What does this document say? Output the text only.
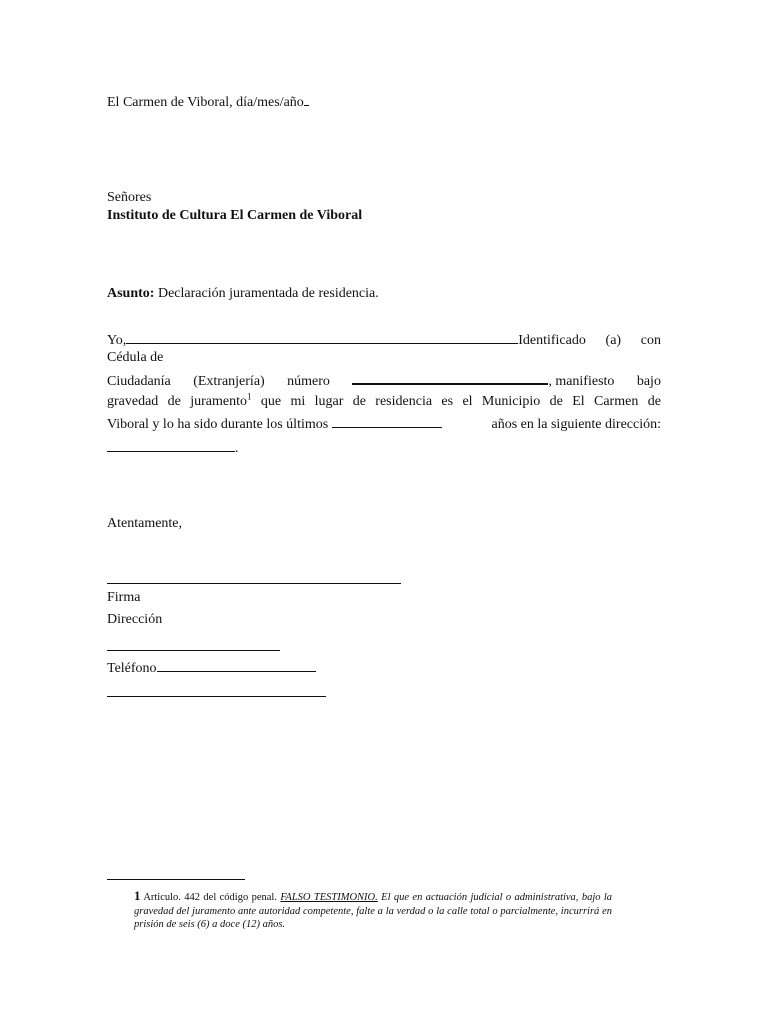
El Carmen de Viboral, día/mes/año
Señores
Instituto de Cultura El Carmen de Viboral
Asunto: Declaración juramentada de residencia.
Yo,	Identificado (a) con
Cédula de
Ciudadanía (Extranjería) número	, manifiesto bajo
gravedad de juramento$^1$ que mi lugar de residencia es el Municipio de El Carmen de
Viboral y lo ha sido durante los últimos	años en la siguiente dirección:
.
Atentamente,
Firma
Dirección
Teléfono
1 Articulo. 442 del código penal. FALSO TESTIMONIO. El que en actuación judicial o administrativa, bajo la gravedad del juramento ante autoridad competente, falte a la verdad o la calle total o parcialmente, incurrirá en prisión de seis (6) a doce (12) años.
